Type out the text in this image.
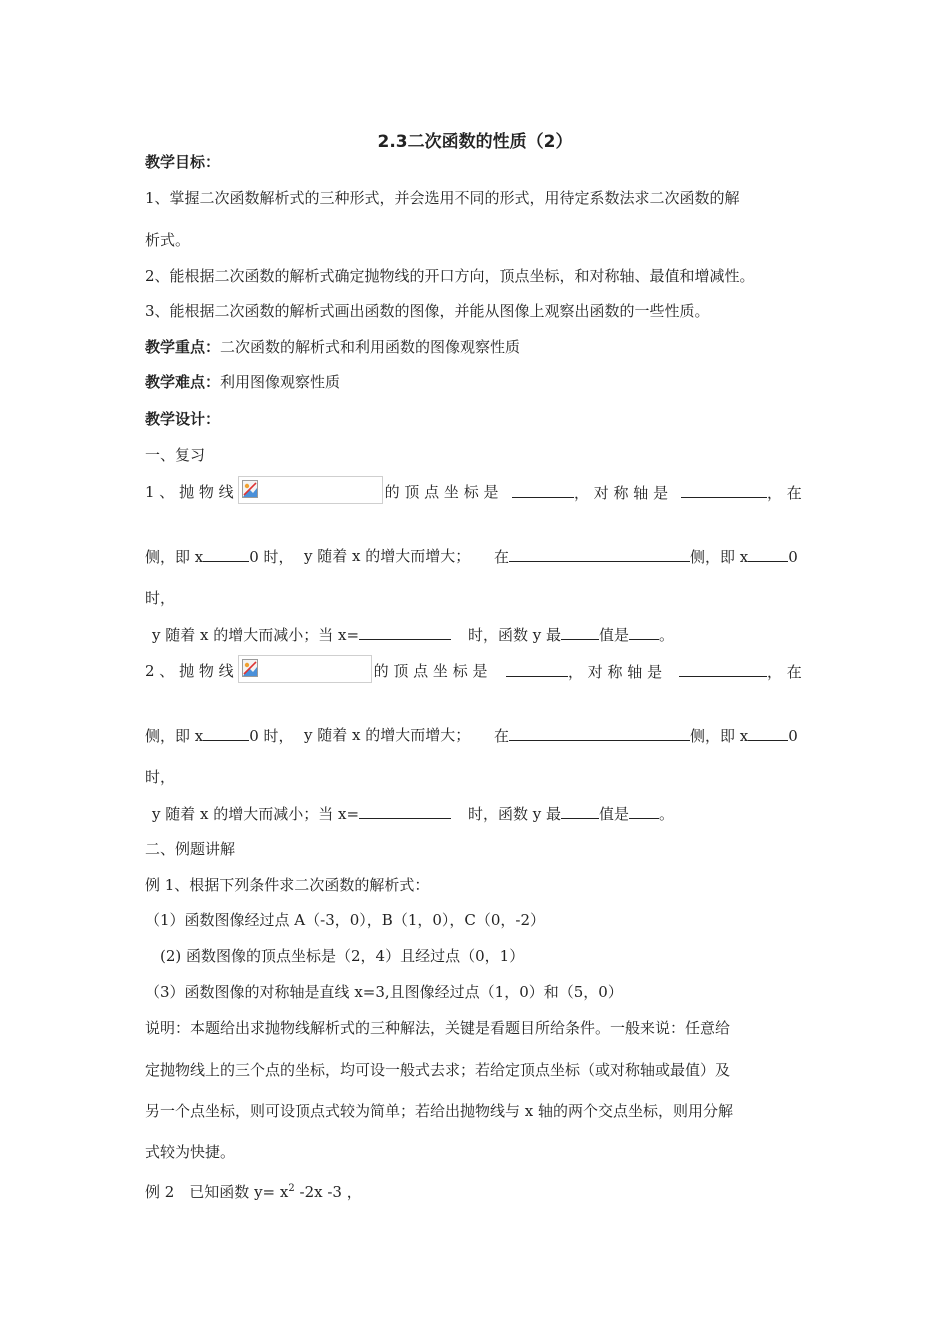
2.3二次函数的性质（2）
教学目标：
1、掌握二次函数解析式的三种形式，并会选用不同的形式，用待定系数法求二次函数的解
析式。
2、能根据二次函数的解析式确定抛物线的开口方向，顶点坐标，和对称轴、最值和增减性。
3、能根据二次函数的解析式画出函数的图像，并能从图像上观察出函数的一些性质。
教学重点：二次函数的解析式和利用函数的图像观察性质
教学难点：利用图像观察性质
教学设计：
一、复习
1 、 抛 物 线	的 顶 点 坐 标 是	， 对 称 轴 是	， 在
侧，即 x	0 时， y 随着 x 的增大而增大； 在	侧，即 x	0
时，
y 随着 x 的增大而减小；当 x=	时，函数 y 最	值是 。
2 、 抛 物 线	的 顶 点 坐 标 是	， 对 称 轴 是	， 在
侧，即 x	0 时， y 随着 x 的增大而增大； 在	侧，即 x	0
时，
y 随着 x 的增大而减小；当 x=	时，函数 y 最	值是 。
二、例题讲解
例 1、根据下列条件求二次函数的解析式：
（1）函数图像经过点 A（-3，0），B（1，0），C（0，-2）
(2) 函数图像的顶点坐标是（2，4）且经过点（0，1）
（3）函数图像的对称轴是直线 x=3,且图像经过点（1，0）和（5，0）
说明：本题给出求抛物线解析式的三种解法，关键是看题目所给条件。一般来说：任意给
定抛物线上的三个点的坐标，均可设一般式去求；若给定顶点坐标（或对称轴或最值）及
另一个点坐标，则可设顶点式较为简单；若给出抛物线与 x 轴的两个交点坐标，则用分解
式较为快捷。
例 2　已知函数 $y= x^2$ -2x -3 ，
